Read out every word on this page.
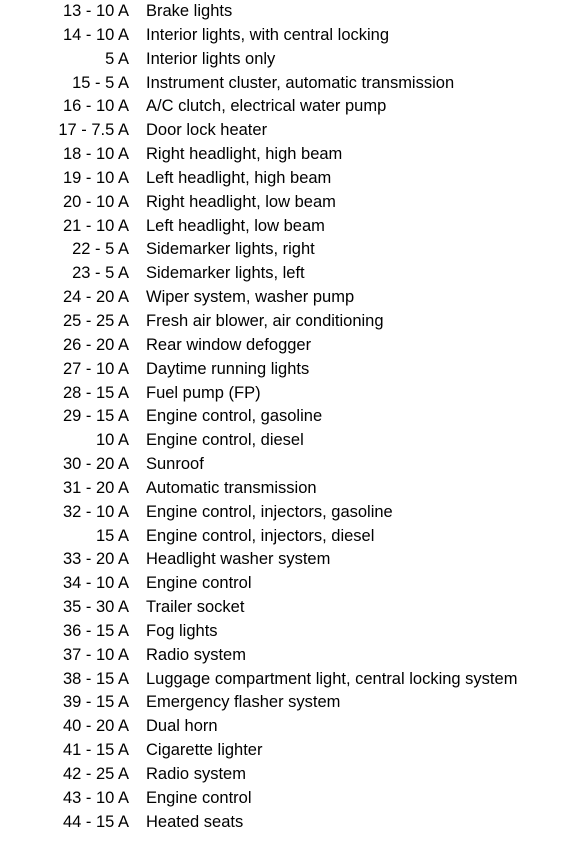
13 - 10 A Brake lights
14 - 10 A Interior lights, with central locking
5 A Interior lights only
15 - 5 A Instrument cluster, automatic transmission
16 - 10 A A/C clutch, electrical water pump
17 - 7.5 A Door lock heater
18 - 10 A Right headlight, high beam
19 - 10 A Left headlight, high beam
20 - 10 A Right headlight, low beam
21 - 10 A Left headlight, low beam
22 - 5 A Sidemarker lights, right
23 - 5 A Sidemarker lights, left
24 - 20 A Wiper system, washer pump
25 - 25 A Fresh air blower, air conditioning
26 - 20 A Rear window defogger
27 - 10 A Daytime running lights
28 - 15 A Fuel pump (FP)
29 - 15 A Engine control, gasoline
10 A Engine control, diesel
30 - 20 A Sunroof
31 - 20 A Automatic transmission
32 - 10 A Engine control, injectors, gasoline
15 A Engine control, injectors, diesel
33 - 20 A Headlight washer system
34 - 10 A Engine control
35 - 30 A Trailer socket
36 - 15 A Fog lights
37 - 10 A Radio system
38 - 15 A Luggage compartment light, central locking system
39 - 15 A Emergency flasher system
40 - 20 A Dual horn
41 - 15 A Cigarette lighter
42 - 25 A Radio system
43 - 10 A Engine control
44 - 15 A Heated seats
